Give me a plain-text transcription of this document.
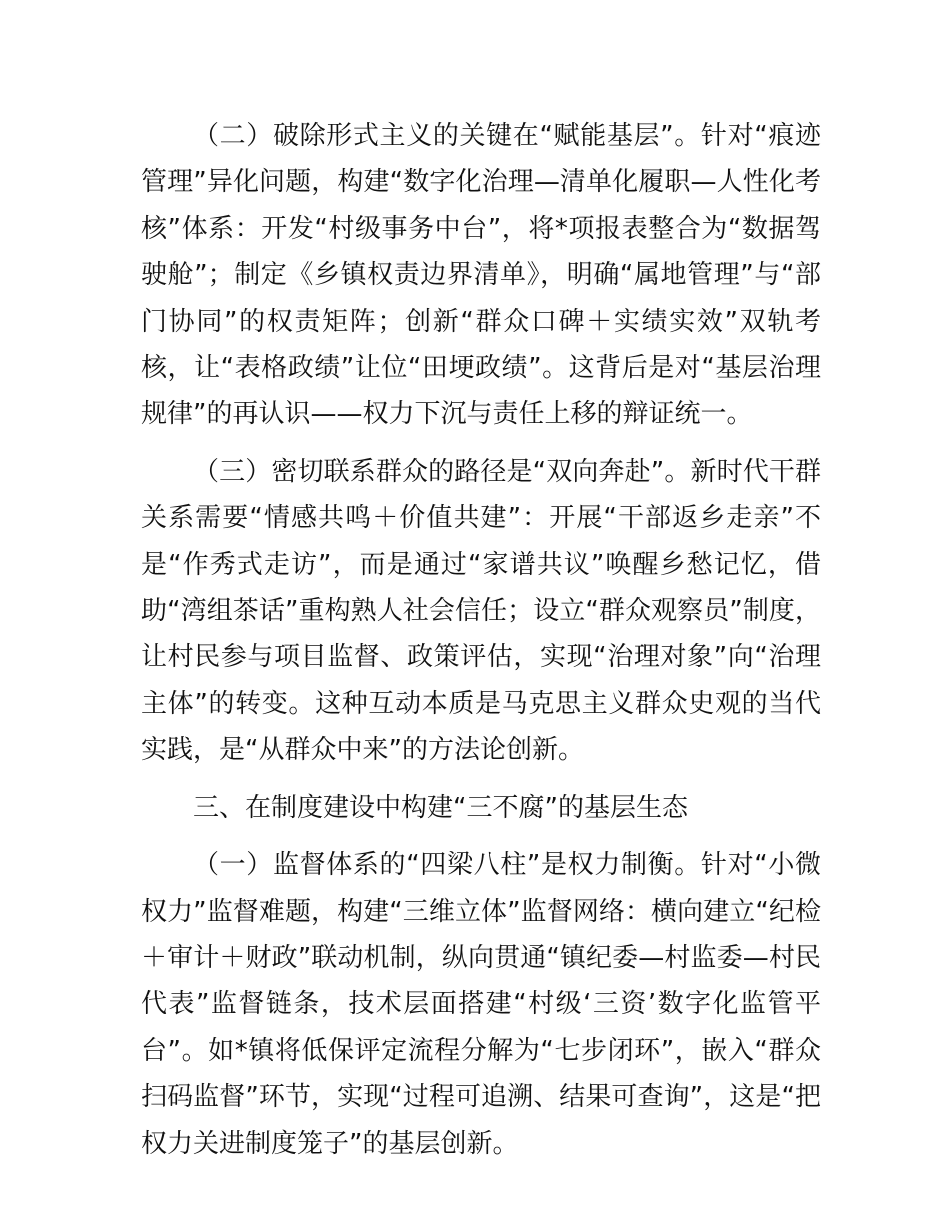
（二）破除形式主义的关键在“赋能基层”。针对“痕迹管理”异化问题，构建“数字化治理—清单化履职—人性化考核”体系：开发“村级事务中台”，将*项报表整合为“数据驾驶舱”；制定《乡镇权责边界清单》，明确“属地管理”与“部门协同”的权责矩阵；创新“群众口碑＋实绩实效”双轨考核，让“表格政绩”让位“田埂政绩”。这背后是对“基层治理规律”的再认识——权力下沉与责任上移的辩证统一。

（三）密切联系群众的路径是“双向奔赴”。新时代干群关系需要“情感共鸣＋价值共建”：开展“干部返乡走亲”不是“作秀式走访”，而是通过“家谱共议”唤醒乡愁记忆，借助“湾组茶话”重构熟人社会信任；设立“群众观察员”制度，让村民参与项目监督、政策评估，实现“治理对象”向“治理主体”的转变。这种互动本质是马克思主义群众史观的当代实践，是“从群众中来”的方法论创新。

三、在制度建设中构建“三不腐”的基层生态

（一）监督体系的“四梁八柱”是权力制衡。针对“小微权力”监督难题，构建“三维立体”监督网络：横向建立“纪检＋审计＋财政”联动机制，纵向贯通“镇纪委—村监委—村民代表”监督链条，技术层面搭建“村级‘三资’数字化监管平台”。如*镇将低保评定流程分解为“七步闭环”，嵌入“群众扫码监督”环节，实现“过程可追溯、结果可查询”，这是“把权力关进制度笼子”的基层创新。
